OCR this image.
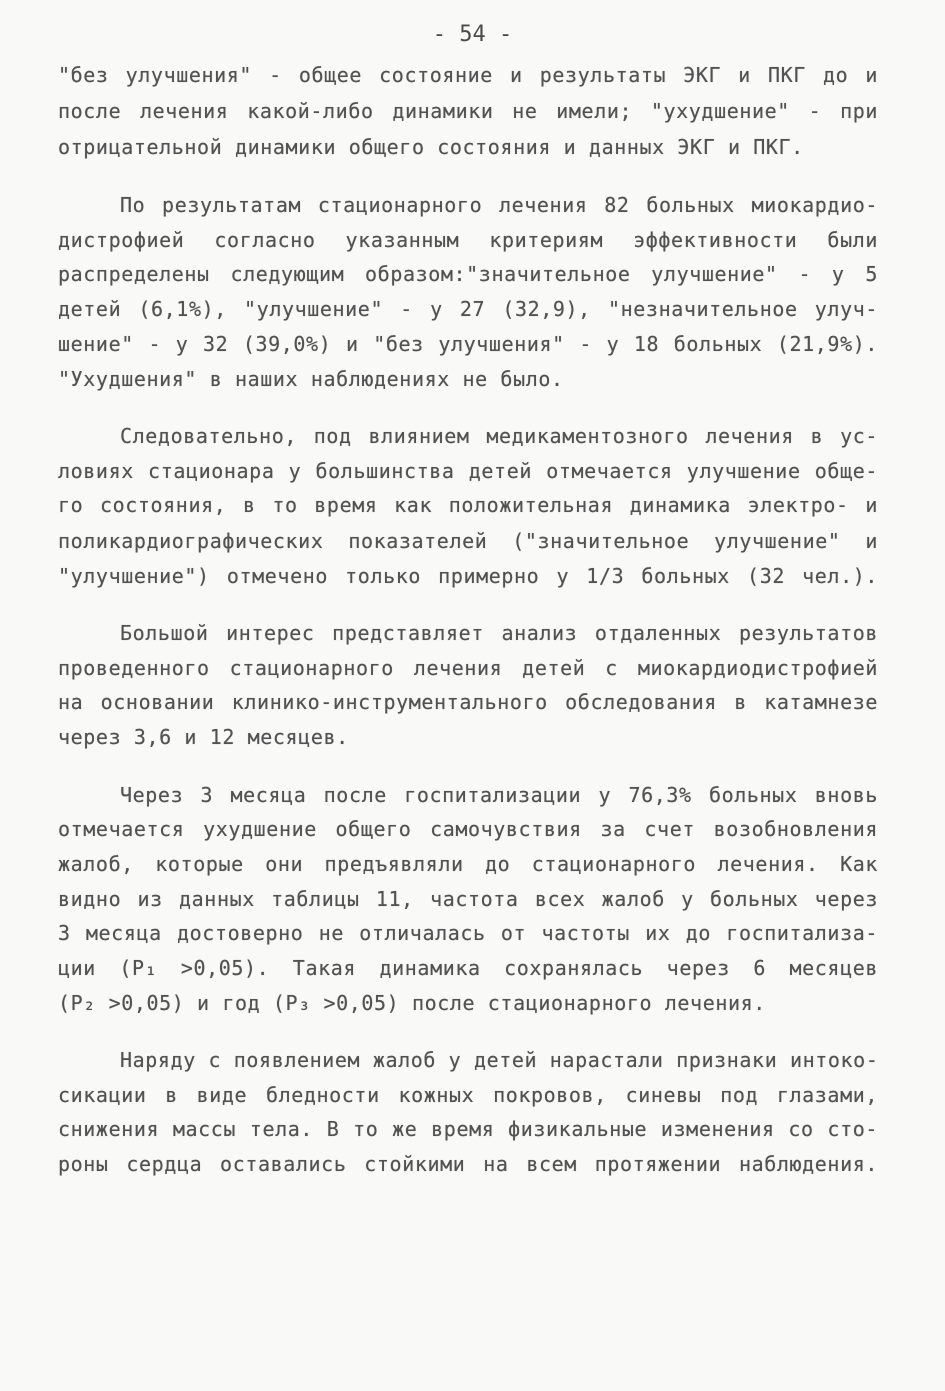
- 54 -
"без улучшения" - общее состояние и результаты ЭКГ и ПКГ до и
после лечения какой-либо динамики не имели; "ухудшение" - при
отрицательной динамики общего состояния и данных ЭКГ и ПКГ.
По результатам стационарного лечения 82 больных миокардио-
дистрофией согласно указанным критериям эффективности были
распределены следующим образом:"значительное улучшение" - у 5
детей (6,1%), "улучшение" - у 27 (32,9), "незначительное улуч-
шение" - у 32 (39,0%) и "без улучшения" - у 18 больных (21,9%).
"Ухудшения" в наших наблюдениях не было.
Следовательно, под влиянием медикаментозного лечения в ус-
ловиях стационара у большинства детей отмечается улучшение обще-
го состояния, в то время как положительная динамика электро- и
поликардиографических показателей ("значительное улучшение" и
"улучшение") отмечено только примерно у 1/3 больных (32 чел.).
Большой интерес представляет анализ отдаленных результатов
проведенного стационарного лечения детей с миокардиодистрофией
на основании клинико-инструментального обследования в катамнезе
через 3,6 и 12 месяцев.
Через 3 месяца после госпитализации у 76,3% больных вновь
отмечается ухудшение общего самочувствия за счет возобновления
жалоб, которые они предъявляли до стационарного лечения. Как
видно из данных таблицы 11, частота всех жалоб у больных через
3 месяца достоверно не отличалась от частоты их до госпитализа-
ции (Р₁ >0,05). Такая динамика сохранялась через 6 месяцев
(Р₂ >0,05) и год (Р₃ >0,05) после стационарного лечения.
Наряду с появлением жалоб у детей нарастали признаки интоко-
сикации в виде бледности кожных покровов, синевы под глазами,
снижения массы тела. В то же время физикальные изменения со сто-
роны сердца оставались стойкими на всем протяжении наблюдения.
